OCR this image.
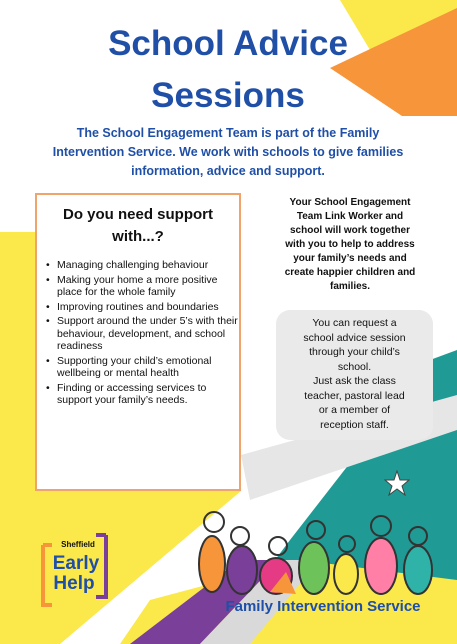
School Advice
Sessions
The School Engagement Team is part of the Family
Intervention Service. We work with schools to give families
information, advice and support.
Do you need support
with...?
• Managing challenging behaviour
• Making your home a more positive place for the whole family
• Improving routines and boundaries
• Support around the under 5’s with their behaviour, development, and school readiness
• Supporting your child’s emotional wellbeing or mental health
• Finding or accessing services to support your family’s needs.
Your School Engagement
Team Link Worker and
school will work together
with you to help to address
your family’s needs and
create happier children and
families.
You can request a
school advice session
through your child’s
school.
Just ask the class
teacher, pastoral lead
or a member of
reception staff.
Sheffield
Early
Help
Family Intervention Service
